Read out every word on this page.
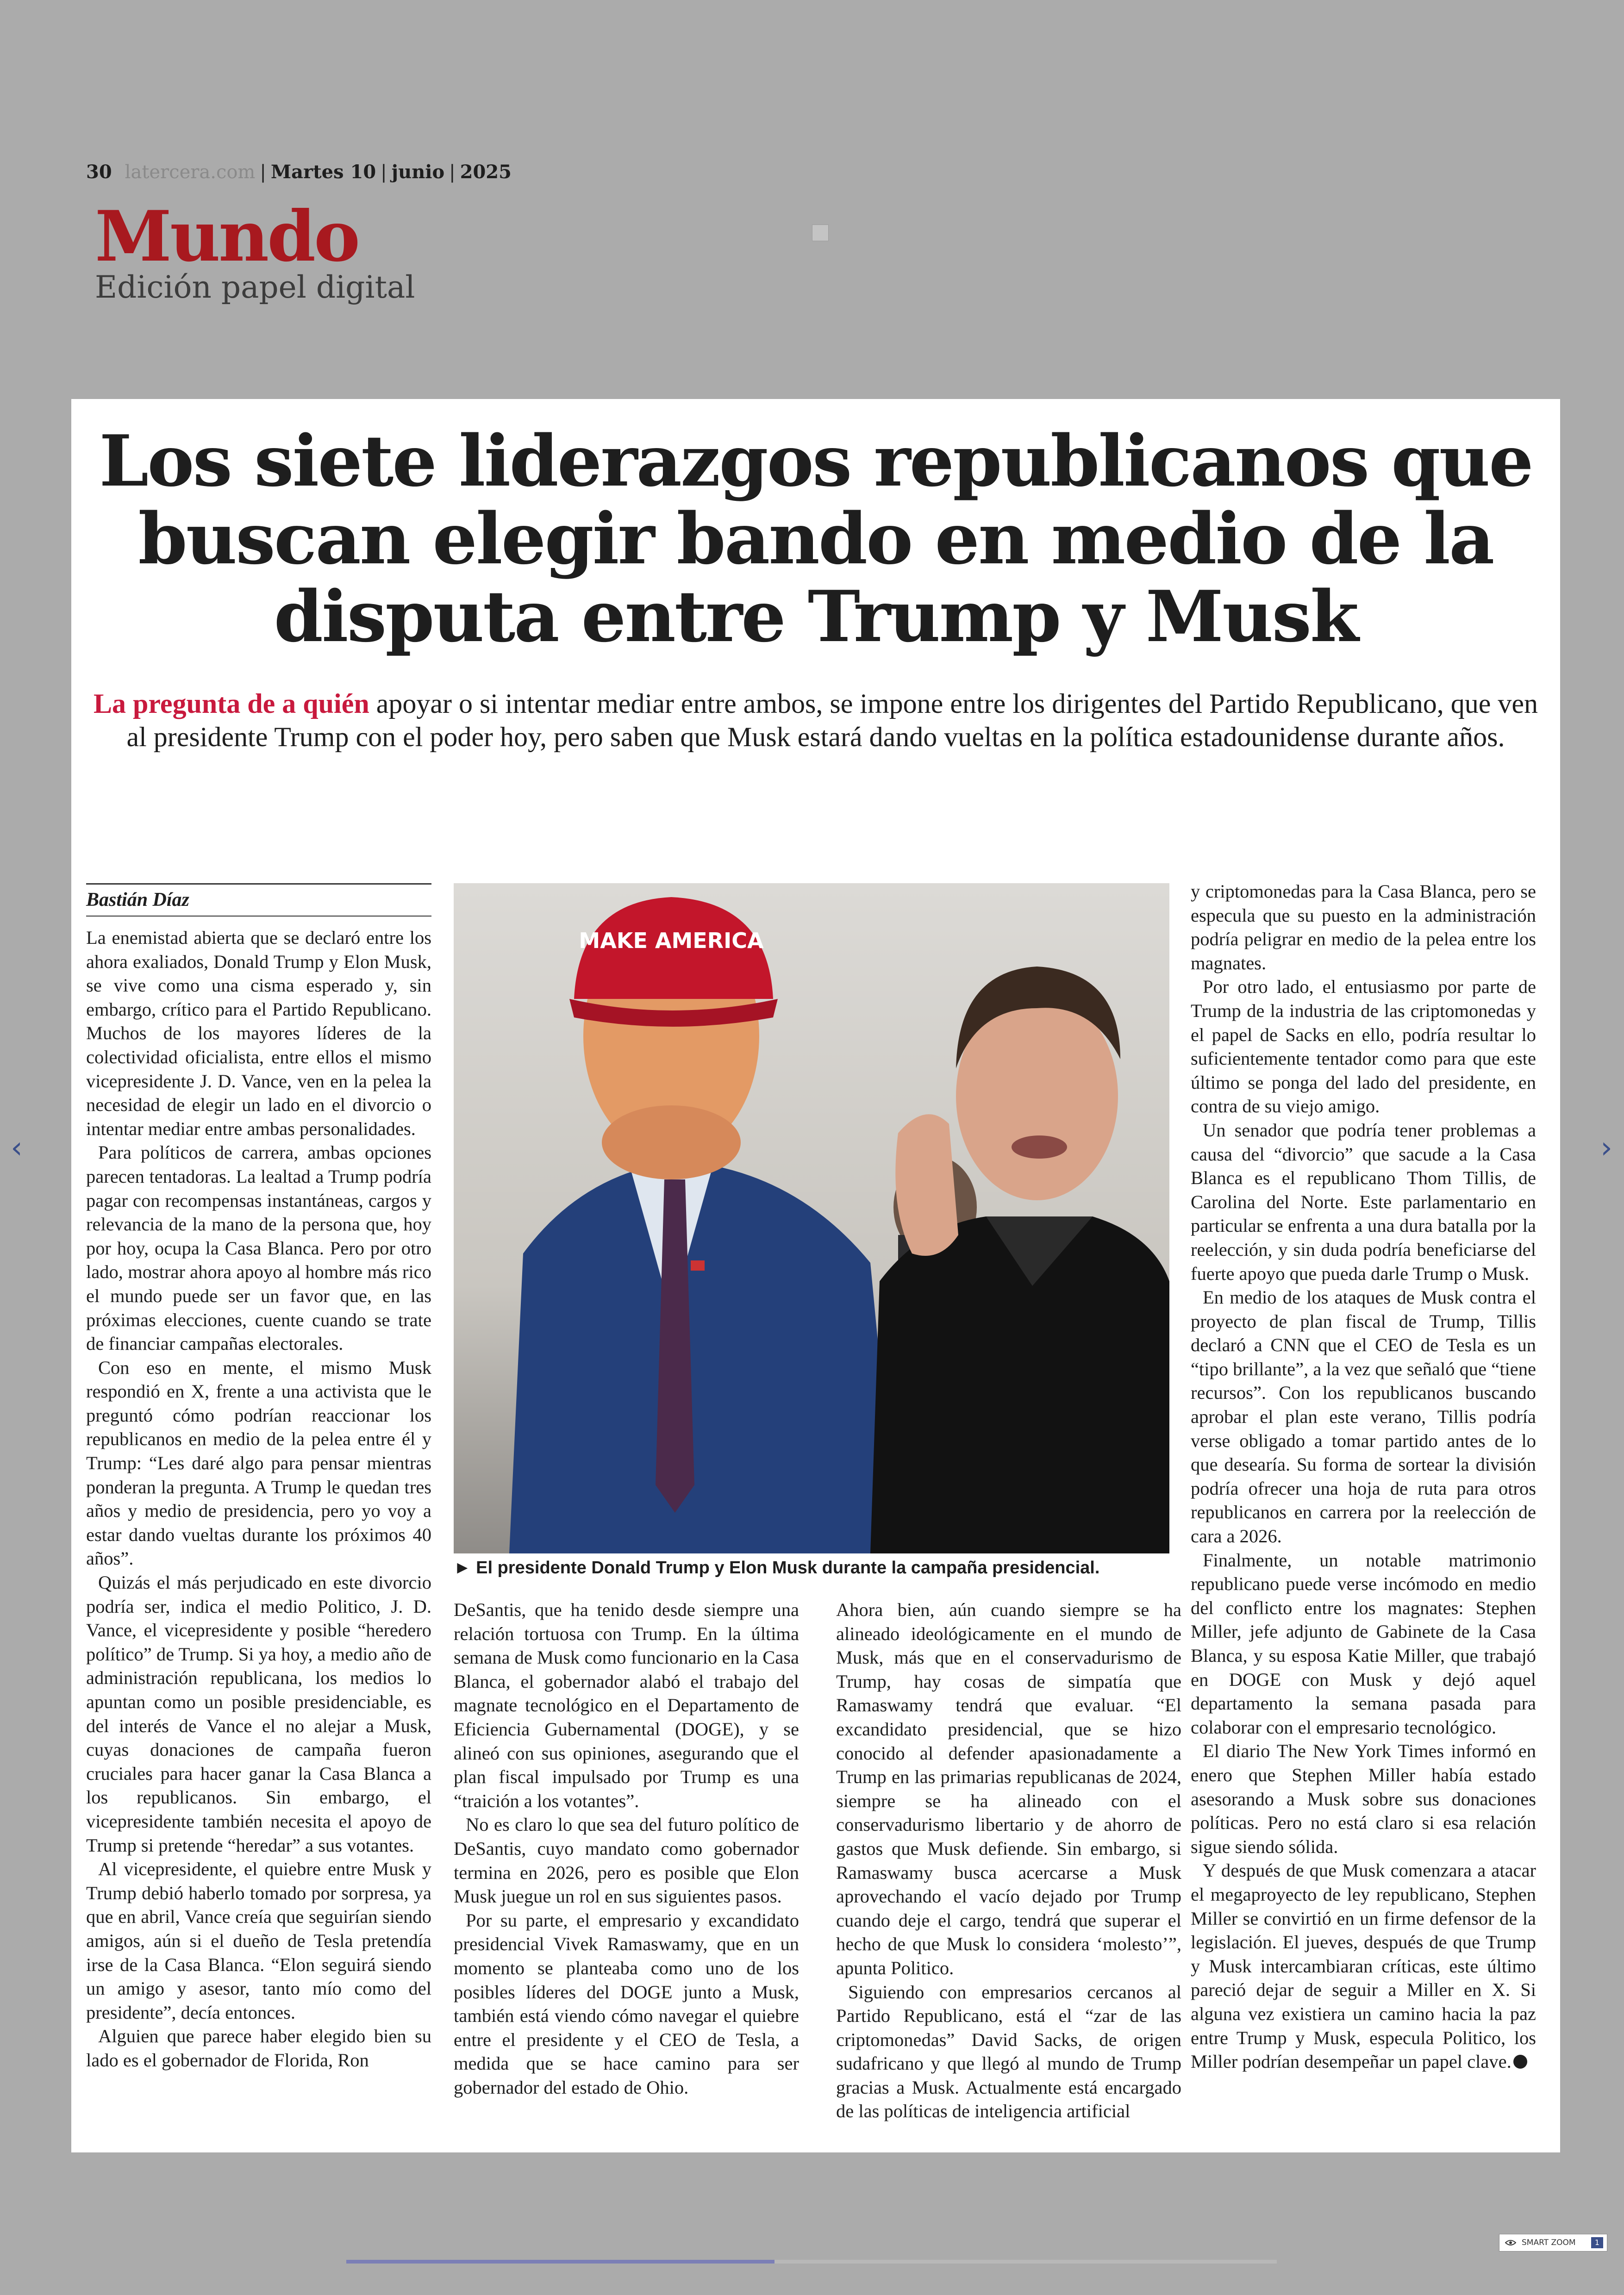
30 latercera.com | Martes 10 | junio | 2025
Mundo
Edición papel digital
Los siete liderazgos republicanos que buscan elegir bando en medio de la disputa entre Trump y Musk
La pregunta de a quién apoyar o si intentar mediar entre ambos, se impone entre los dirigentes del Partido Republicano, que ven al presidente Trump con el poder hoy, pero saben que Musk estará dando vueltas en la política estadounidense durante años.
Bastián Díaz

La enemistad abierta que se declaró entre los ahora exaliados, Donald Trump y Elon Musk, se vive como una cisma esperado y, sin embargo, crítico para el Partido Republicano. Muchos de los mayores líderes de la colectividad oficialista, entre ellos el mismo vicepresidente J. D. Vance, ven en la pelea la necesidad de elegir un lado en el divorcio o intentar mediar entre ambas personalidades.

Para políticos de carrera, ambas opciones parecen tentadoras. La lealtad a Trump podría pagar con recompensas instantáneas, cargos y relevancia de la mano de la persona que, hoy por hoy, ocupa la Casa Blanca. Pero por otro lado, mostrar ahora apoyo al hombre más rico el mundo puede ser un favor que, en las próximas elecciones, cuente cuando se trate de financiar campañas electorales.

Con eso en mente, el mismo Musk respondió en X, frente a una activista que le preguntó cómo podrían reaccionar los republicanos en medio de la pelea entre él y Trump: “Les daré algo para pensar mientras ponderan la pregunta. A Trump le quedan tres años y medio de presidencia, pero yo voy a estar dando vueltas durante los próximos 40 años”.

Quizás el más perjudicado en este divorcio podría ser, indica el medio Politico, J. D. Vance, el vicepresidente y posible “heredero político” de Trump. Si ya hoy, a medio año de administración republicana, los medios lo apuntan como un posible presidenciable, es del interés de Vance el no alejar a Musk, cuyas donaciones de campaña fueron cruciales para hacer ganar la Casa Blanca a los republicanos. Sin embargo, el vicepresidente también necesita el apoyo de Trump si pretende “heredar” a sus votantes.

Al vicepresidente, el quiebre entre Musk y Trump debió haberlo tomado por sorpresa, ya que en abril, Vance creía que seguirían siendo amigos, aún si el dueño de Tesla pretendía irse de la Casa Blanca. “Elon seguirá siendo un amigo y asesor, tanto mío como del presidente”, decía entonces.

Alguien que parece haber elegido bien su lado es el gobernador de Florida, Ron

MAKE AMERICA
► El presidente Donald Trump y Elon Musk durante la campaña presidencial.

DeSantis, que ha tenido desde siempre una relación tortuosa con Trump. En la última semana de Musk como funcionario en la Casa Blanca, el gobernador alabó el trabajo del magnate tecnológico en el Departamento de Eficiencia Gubernamental (DOGE), y se alineó con sus opiniones, asegurando que el plan fiscal impulsado por Trump es una “traición a los votantes”.

No es claro lo que sea del futuro político de DeSantis, cuyo mandato como gobernador termina en 2026, pero es posible que Elon Musk juegue un rol en sus siguientes pasos.

Por su parte, el empresario y excandidato presidencial Vivek Ramaswamy, que en un momento se planteaba como uno de los posibles líderes del DOGE junto a Musk, también está viendo cómo navegar el quiebre entre el presidente y el CEO de Tesla, a medida que se hace camino para ser gobernador del estado de Ohio.

Ahora bien, aún cuando siempre se ha alineado ideológicamente en el mundo de Musk, más que en el conservadurismo de Trump, hay cosas de simpatía que Ramaswamy tendrá que evaluar. “El excandidato presidencial, que se hizo conocido al defender apasionadamente a Trump en las primarias republicanas de 2024, siempre se ha alineado con el conservadurismo libertario y de ahorro de gastos que Musk defiende. Sin embargo, si Ramaswamy busca acercarse a Musk aprovechando el vacío dejado por Trump cuando deje el cargo, tendrá que superar el hecho de que Musk lo considera ‘molesto’”, apunta Politico.

Siguiendo con empresarios cercanos al Partido Republicano, está el “zar de las criptomonedas” David Sacks, de origen sudafricano y que llegó al mundo de Trump gracias a Musk. Actualmente está encargado de las políticas de inteligencia artificial

y criptomonedas para la Casa Blanca, pero se especula que su puesto en la administración podría peligrar en medio de la pelea entre los magnates.

Por otro lado, el entusiasmo por parte de Trump de la industria de las criptomonedas y el papel de Sacks en ello, podría resultar lo suficientemente tentador como para que este último se ponga del lado del presidente, en contra de su viejo amigo.

Un senador que podría tener problemas a causa del “divorcio” que sacude a la Casa Blanca es el republicano Thom Tillis, de Carolina del Norte. Este parlamentario en particular se enfrenta a una dura batalla por la reelección, y sin duda podría beneficiarse del fuerte apoyo que pueda darle Trump o Musk.

En medio de los ataques de Musk contra el proyecto de plan fiscal de Trump, Tillis declaró a CNN que el CEO de Tesla es un “tipo brillante”, a la vez que señaló que “tiene recursos”. Con los republicanos buscando aprobar el plan este verano, Tillis podría verse obligado a tomar partido antes de lo que desearía. Su forma de sortear la división podría ofrecer una hoja de ruta para otros republicanos en carrera por la reelección de cara a 2026.

Finalmente, un notable matrimonio republicano puede verse incómodo en medio del conflicto entre los magnates: Stephen Miller, jefe adjunto de Gabinete de la Casa Blanca, y su esposa Katie Miller, que trabajó en DOGE con Musk y dejó aquel departamento la semana pasada para colaborar con el empresario tecnológico.

El diario The New York Times informó en enero que Stephen Miller había estado asesorando a Musk sobre sus donaciones políticas. Pero no está claro si esa relación sigue siendo sólida.

Y después de que Musk comenzara a atacar el megaproyecto de ley republicano, Stephen Miller se convirtió en un firme defensor de la legislación. El jueves, después de que Trump y Musk intercambiaran críticas, este último pareció dejar de seguir a Miller en X. Si alguna vez existiera un camino hacia la paz entre Trump y Musk, especula Politico, los Miller podrían desempeñar un papel clave.

‹	›
SMART ZOOM	1
